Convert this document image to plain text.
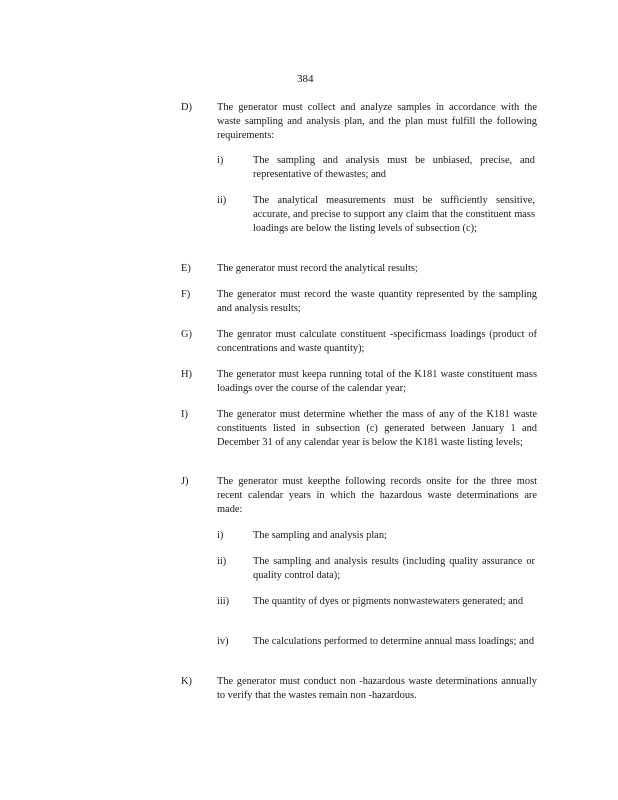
384
D) The generator must collect and analyze samples in accordance with the waste sampling and analysis plan, and the plan must fulfill the following requirements:
i)	The sampling and analysis must be unbiased, precise, and representative of thewastes; and
ii)	The analytical measurements must be sufficiently sensitive, accurate, and precise to support any claim that the constituent mass loadings are below the listing levels of subsection (c);
E)	The generator must record the analytical results;
F)	The generator must record the waste quantity represented by the sampling and analysis results;
G) The genrator must calculate constituent -specificmass loadings (product of concentrations and waste quantity);
H) The generator must keepa running total of the K181 waste constituent mass loadings over the course of the calendar year;
I)	The generator must determine whether the mass of any of the K181 waste constituents listed in subsection (c) generated between January 1 and December 31 of any calendar year is below the K181 waste listing levels;
J)	The generator must keepthe following records onsite for the three most recent calendar years in which the hazardous waste determinations are made:
i)	The sampling and analysis plan;
ii)	The sampling and analysis results (including quality assurance or quality control data);
iii) The quantity of dyes or pigments nonwastewaters generated; and
iv) The calculations performed to determine annual mass loadings; and
K) The generator must conduct non -hazardous waste determinations annually to verify that the wastes remain non -hazardous.
